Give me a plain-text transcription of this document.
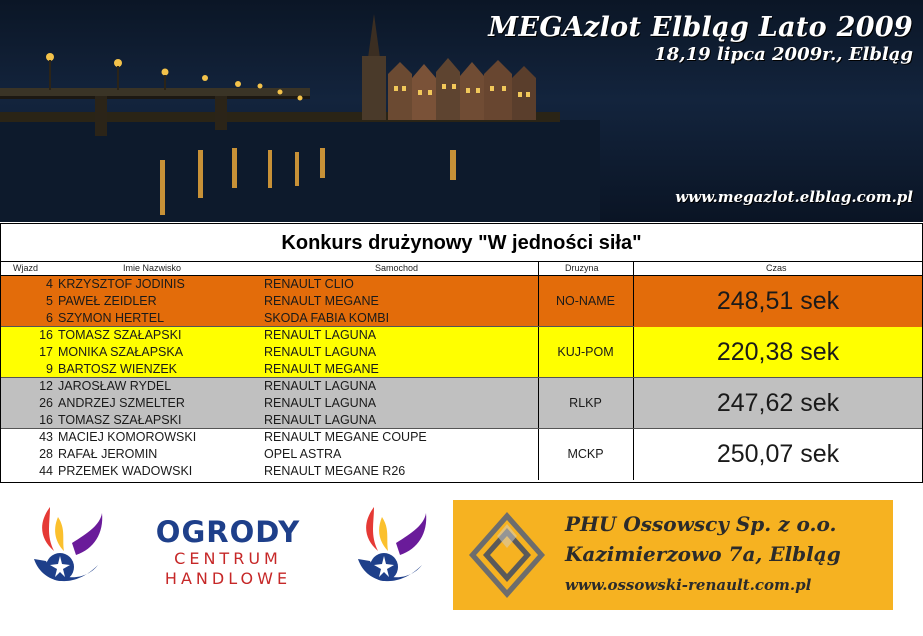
MEGAzlot Elbląg Lato 2009
18,19 lipca 2009r., Elbląg
www.megazlot.elblag.com.pl
Konkurs drużynowy "W jedności siła"
Wjazd	Imie Nazwisko	Samochod	Druzyna	Czas
4 KRZYSZTOF JODINIS	RENAULT CLIO
5 PAWEŁ ZEIDLER	RENAULT MEGANE
6 SZYMON HERTEL	SKODA FABIA KOMBI
NO-NAME	248,51 sek
16 TOMASZ SZAŁAPSKI	RENAULT LAGUNA
17 MONIKA SZAŁAPSKA	RENAULT LAGUNA
9 BARTOSZ WIENZEK	RENAULT MEGANE
KUJ-POM	220,38 sek
12 JAROSŁAW RYDEL	RENAULT LAGUNA
26 ANDRZEJ SZMELTER	RENAULT LAGUNA
16 TOMASZ SZAŁAPSKI	RENAULT LAGUNA
RLKP	247,62 sek
43 MACIEJ KOMOROWSKI	RENAULT MEGANE COUPE
28 RAFAŁ JEROMIN	OPEL ASTRA
44 PRZEMEK WADOWSKI	RENAULT MEGANE R26
MCKP	250,07 sek
OGRODY
CENTRUM
HANDLOWE
PHU Ossowscy Sp. z o.o.
Kazimierzowo 7a, Elbląg
www.ossowski-renault.com.pl
